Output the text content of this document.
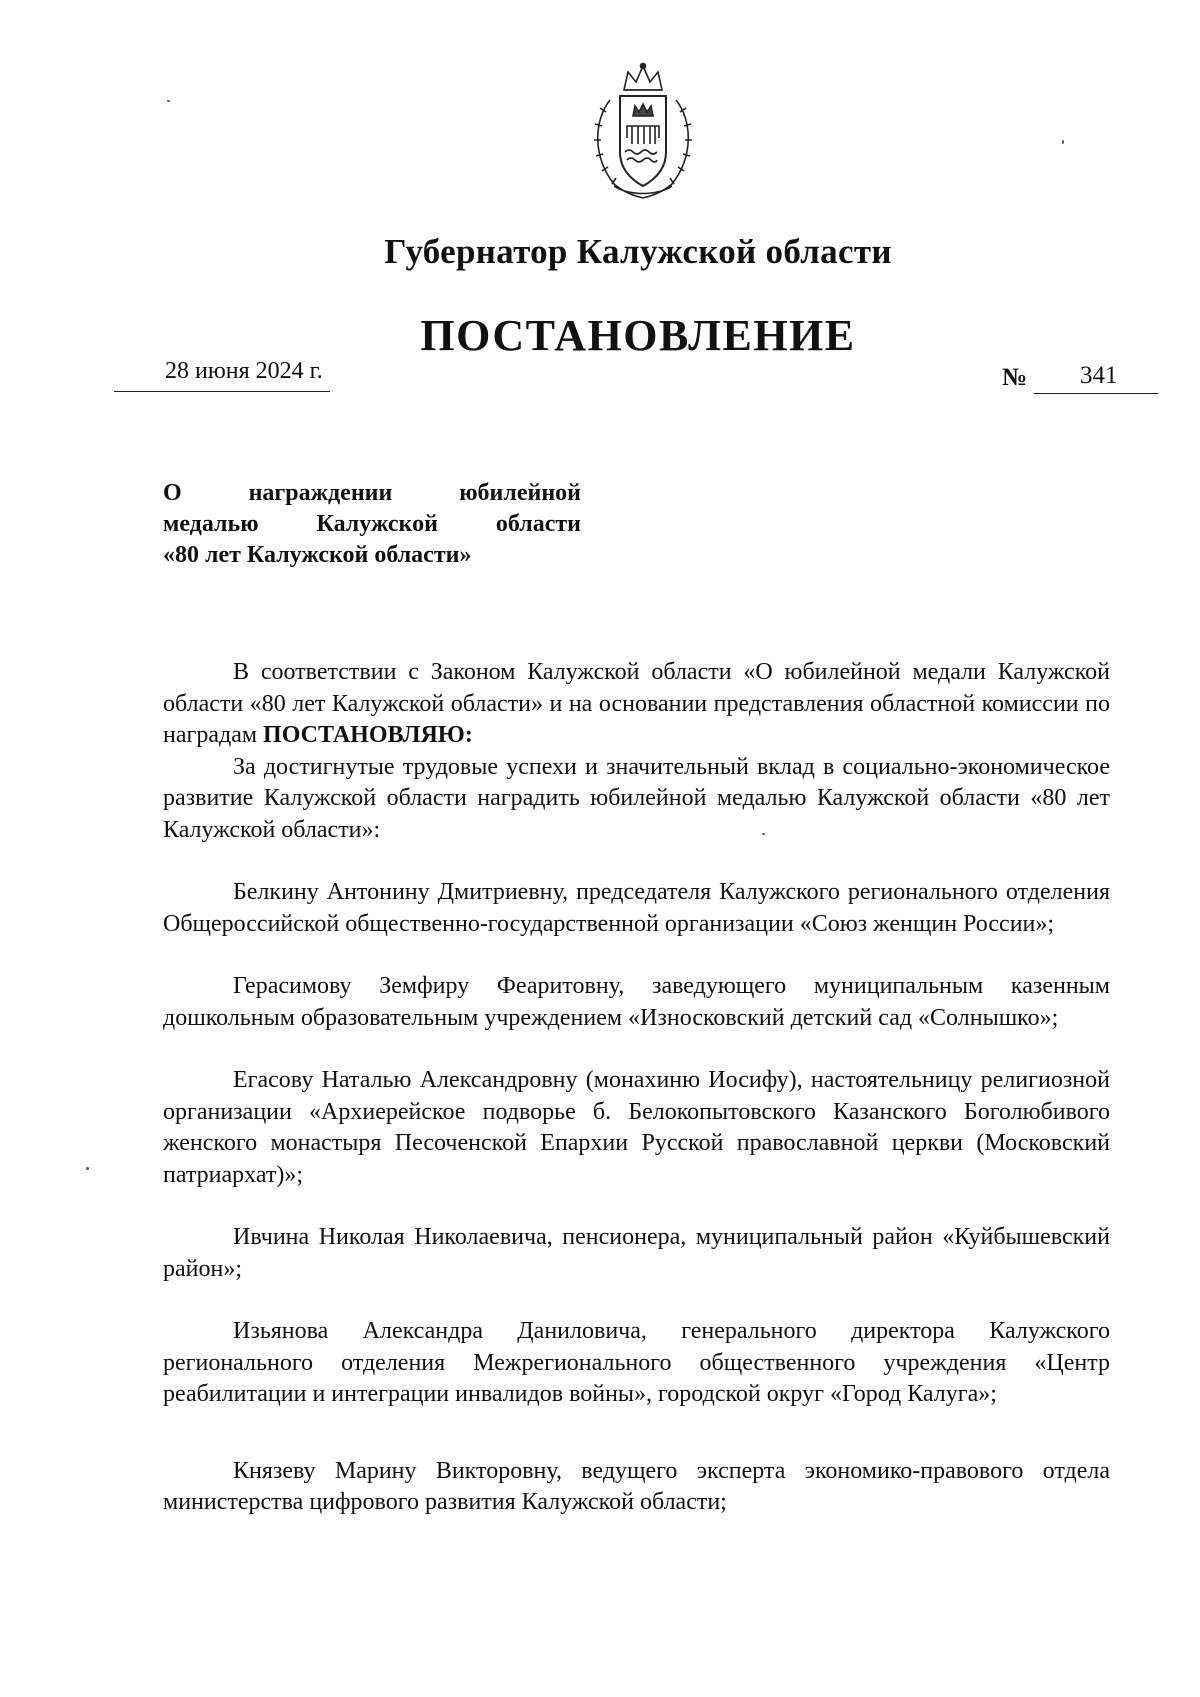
Губернатор Калужской области
ПОСТАНОВЛЕНИЕ
28 июня 2024 г.	№ 341
О награждении юбилейной
медалью Калужской области
«80 лет Калужской области»

В соответствии с Законом Калужской области «О юбилейной медали Калужской области «80 лет Калужской области» и на основании представления областной комиссии по наградам ПОСТАНОВЛЯЮ:

За достигнутые трудовые успехи и значительный вклад в социально-экономическое развитие Калужской области наградить юбилейной медалью Калужской области «80 лет Калужской области»:

Белкину Антонину Дмитриевну, председателя Калужского регионального отделения Общероссийской общественно-государственной организации «Союз женщин России»;

Герасимову Земфиру Феаритовну, заведующего муниципальным казенным дошкольным образовательным учреждением «Износковский детский сад «Солнышко»;

Егасову Наталью Александровну (монахиню Иосифу), настоятельницу религиозной организации «Архиерейское подворье б. Белокопытовского Казанского Боголюбивого женского монастыря Песоченской Епархии Русской православной церкви (Московский патриархат)»;

Ивчина Николая Николаевича, пенсионера, муниципальный район «Куйбышевский район»;

Изьянова Александра Даниловича, генерального директора Калужского регионального отделения Межрегионального общественного учреждения «Центр реабилитации и интеграции инвалидов войны», городской округ «Город Калуга»;

Князеву Марину Викторовну, ведущего эксперта экономико-правового отдела министерства цифрового развития Калужской области;
